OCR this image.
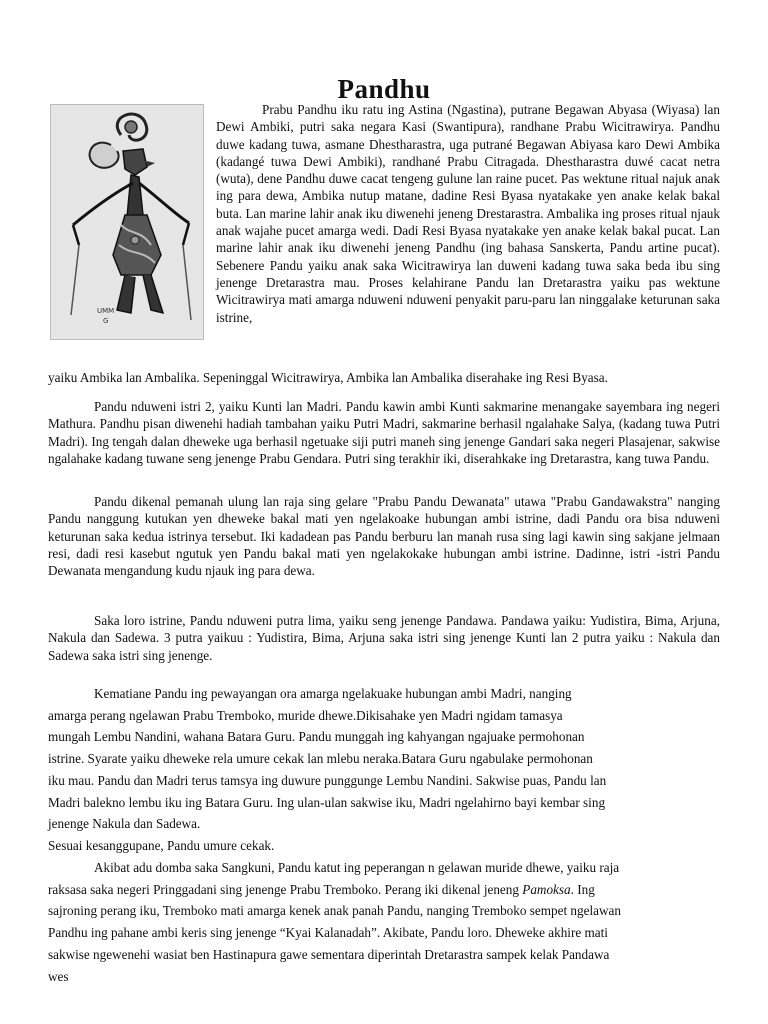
Pandhu
UMM
G

Prabu Pandhu iku ratu ing Astina (Ngastina), putrane Begawan Abyasa (Wiyasa) lan Dewi Ambiki, putri saka negara Kasi (Swantipura), randhane Prabu Wicitrawirya. Pandhu duwe kadang tuwa, asmane Dhestharastra, uga putrané Begawan Abiyasa karo Dewi Ambika (kadangé tuwa Dewi Ambiki), randhané Prabu Citragada. Dhestharastra duwé cacat netra (wuta), dene Pandhu duwe cacat tengeng gulune lan raine pucet. Pas wektune ritual najuk anak ing para dewa, Ambika nutup matane, dadine Resi Byasa nyatakake yen anake kelak bakal buta. Lan marine lahir anak iku diwenehi jeneng Drestarastra. Ambalika ing proses ritual njauk anak wajahe pucet amarga wedi. Dadi Resi Byasa nyatakake yen anake kelak bakal pucat. Lan marine lahir anak iku diwenehi jeneng Pandhu (ing bahasa Sanskerta, Pandu artine pucat). Sebenere Pandu yaiku anak saka Wicitrawirya lan duweni kadang tuwa saka beda ibu sing jenenge Dretarastra mau. Proses kelahirane Pandu lan Dretarastra yaiku pas wektune Wicitrawirya mati amarga nduweni nduweni penyakit paru-paru lan ninggalake keturunan saka istrine,

yaiku Ambika lan Ambalika. Sepeninggal Wicitrawirya, Ambika lan Ambalika diserahake ing Resi Byasa.

Pandu nduweni istri 2, yaiku Kunti lan Madri. Pandu kawin ambi Kunti sakmarine menangake sayembara ing negeri Mathura. Pandhu pisan diwenehi hadiah tambahan yaiku Putri Madri, sakmarine berhasil ngalahake Salya, (kadang tuwa Putri Madri). Ing tengah dalan dheweke uga berhasil ngetuake siji putri maneh sing jenenge Gandari saka negeri Plasajenar, sakwise ngalahake kadang tuwane seng jenenge Prabu Gendara. Putri sing terakhir iki, diserahkake ing Dretarastra, kang tuwa Pandu.

Pandu dikenal pemanah ulung lan raja sing gelare "Prabu Pandu Dewanata" utawa "Prabu Gandawakstra" nanging Pandu nanggung kutukan yen dheweke bakal mati yen ngelakoake hubungan ambi istrine, dadi Pandu ora bisa nduweni keturunan saka kedua istrinya tersebut. Iki kadadean pas Pandu berburu lan manah rusa sing lagi kawin sing sakjane jelmaan resi, dadi resi kasebut ngutuk yen Pandu bakal mati yen ngelakokake hubungan ambi istrine. Dadinne, istri -istri Pandu Dewanata mengandung kudu njauk ing para dewa.

Saka loro istrine, Pandu nduweni putra lima, yaiku seng jenenge Pandawa. Pandawa yaiku: Yudistira, Bima, Arjuna, Nakula dan Sadewa. 3 putra yaikuu : Yudistira, Bima, Arjuna saka istri sing jenenge Kunti lan 2 putra yaiku : Nakula dan Sadewa saka istri sing jenenge.

Kematiane Pandu ing pewayangan ora amarga ngelakuake hubungan ambi Madri, nanging

amarga perang ngelawan Prabu Tremboko, muride dhewe.Dikisahake yen Madri ngidam tamasya

mungah Lembu Nandini, wahana Batara Guru. Pandu munggah ing kahyangan ngajuake permohonan

istrine. Syarate yaiku dheweke rela umure cekak lan mlebu neraka.Batara Guru ngabulake permohonan

iku mau. Pandu dan Madri terus tamsya ing duwure punggunge Lembu Nandini. Sakwise puas, Pandu lan

Madri balekno lembu iku ing Batara Guru. Ing ulan-ulan sakwise iku, Madri ngelahirno bayi kembar sing

jenenge Nakula dan Sadewa.

Sesuai kesanggupane, Pandu umure cekak.

Akibat adu domba saka Sangkuni, Pandu katut ing peperangan n gelawan muride dhewe, yaiku raja

raksasa saka negeri Pringgadani sing jenenge Prabu Tremboko. Perang iki dikenal jeneng Pamoksa. Ing

sajroning perang iku, Tremboko mati amarga kenek anak panah Pandu, nanging Tremboko sempet ngelawan

Pandhu ing pahane ambi keris sing jenenge “Kyai Kalanadah”. Akibate, Pandu loro. Dheweke akhire mati

sakwise ngewenehi wasiat ben Hastinapura gawe sementara diperintah Dretarastra sampek kelak Pandawa

wes
